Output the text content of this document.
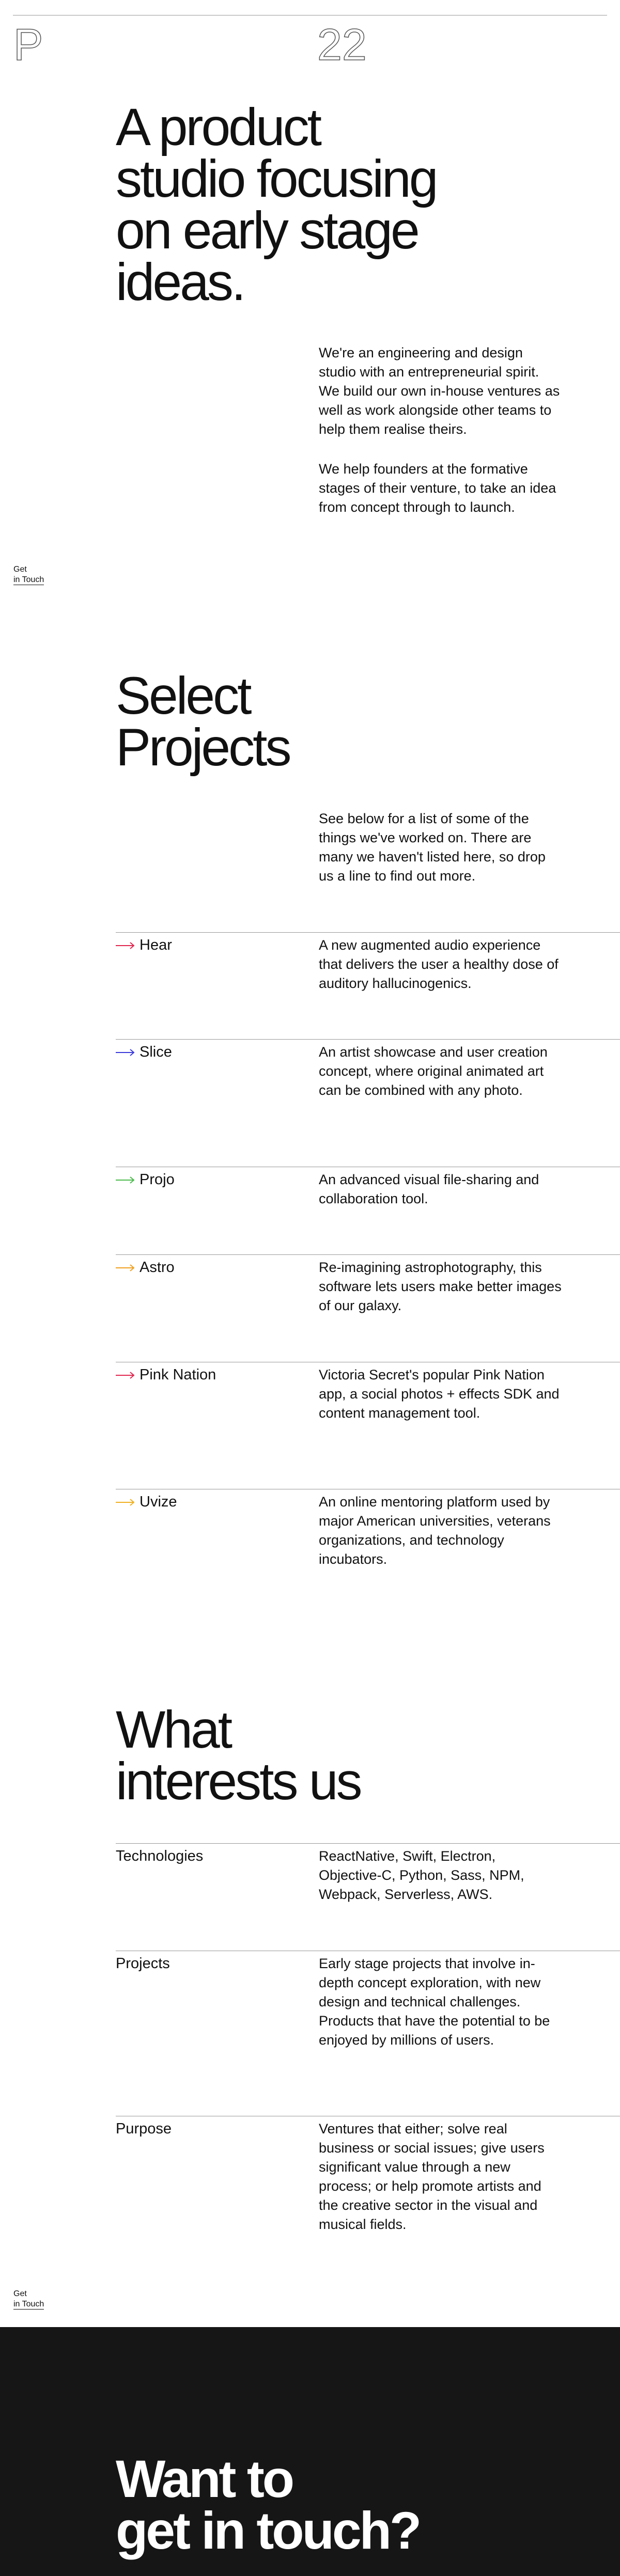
P	22
A product
studio focusing
on early stage
ideas.

We're an engineering and design studio with an entrepreneurial spirit. We build our own in-house ventures as well as work alongside other teams to help them realise theirs.

We help founders at the formative stages of their venture, to take an idea from concept through to launch.

Get
in Touch
Select
Projects

See below for a list of some of the things we've worked on. There are many we haven't listed here, so drop us a line to find out more.

Hear	A new augmented audio experience that delivers the user a healthy dose of auditory hallucinogenics.

Slice	An artist showcase and user creation concept, where original animated art can be combined with any photo.

Projo	An advanced visual file-sharing and collaboration tool.

Astro	Re-imagining astrophotography, this software lets users make better images of our galaxy.

Pink Nation	Victoria Secret's popular Pink Nation app, a social photos + effects SDK and content management tool.

Uvize	An online mentoring platform used by major American universities, veterans organizations, and technology incubators.

What
interests us
Technologies	ReactNative, Swift, Electron, Objective-C, Python, Sass, NPM, Webpack, Serverless, AWS.

Projects	Early stage projects that involve in-depth concept exploration, with new design and technical challenges. Products that have the potential to be enjoyed by millions of users.

Purpose	Ventures that either; solve real business or social issues; give users significant value through a new process; or help promote artists and the creative sector in the visual and musical fields.

Get
in Touch
Want to
get in touch?
